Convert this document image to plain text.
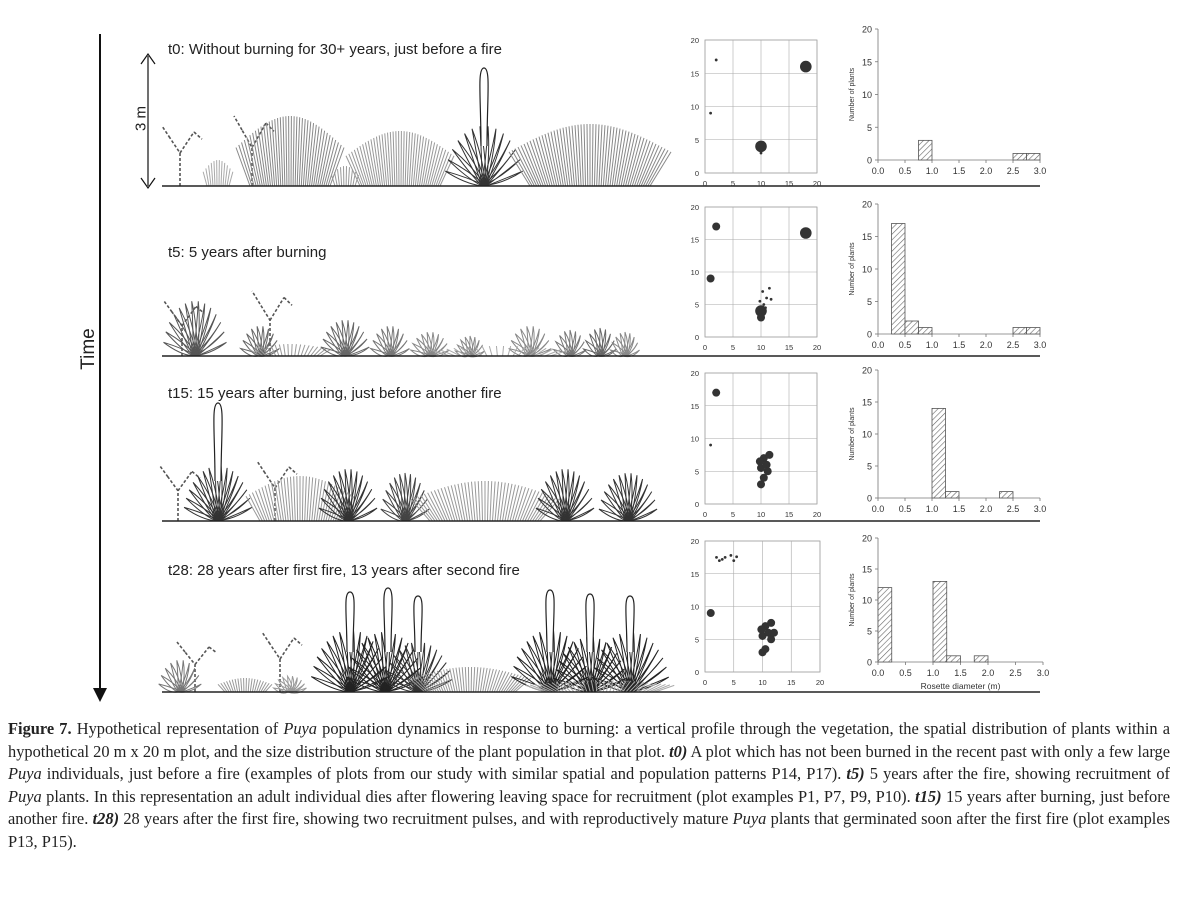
0	5	10	15	20
0
5
10
15
20
0
5
10
15
20
0.0 0.5 1.0 1.5 2.0 2.5 3.0
Number of plants
0	5	10	15	20
0
5
10
15
20
0
5
10
15
20
0.0 0.5 1.0 1.5 2.0 2.5 3.0
Number of plants
0	5	10	15	20
0
5
10
15
20
0
5
10
15
20
0.0 0.5 1.0 1.5 2.0 2.5 3.0
Number of plants
0	5	10	15	20
0
5
10
15
20
0
5
10
15
20
0.0 0.5 1.0 1.5 2.0 2.5 3.0
Number of plants
Rosette diameter (m)
Time
3 m
t0: Without burning for 30+ years, just before a fire
t5: 5 years after burning
t15: 15 years after burning, just before another fire
t28: 28 years after first fire, 13 years after second fire
Figure 7. Hypothetical representation of Puya population dynamics in response to burning: a vertical profile through the vegetation, the spatial distribution of plants within a hypothetical 20 m x 20 m plot, and the size distribution structure of the plant population in that plot. t0) A plot which has not been burned in the recent past with only a few large Puya individuals, just before a fire (examples of plots from our study with similar spatial and population patterns P14, P17). t5) 5 years after the fire, showing recruitment of Puya plants. In this representation an adult individual dies after flowering leaving space for recruitment (plot examples P1, P7, P9, P10). t15) 15 years after burning, just before another fire. t28) 28 years after the first fire, showing two recruitment pulses, and with reproductively mature Puya plants that germinated soon after the first fire (plot examples P13, P15).
